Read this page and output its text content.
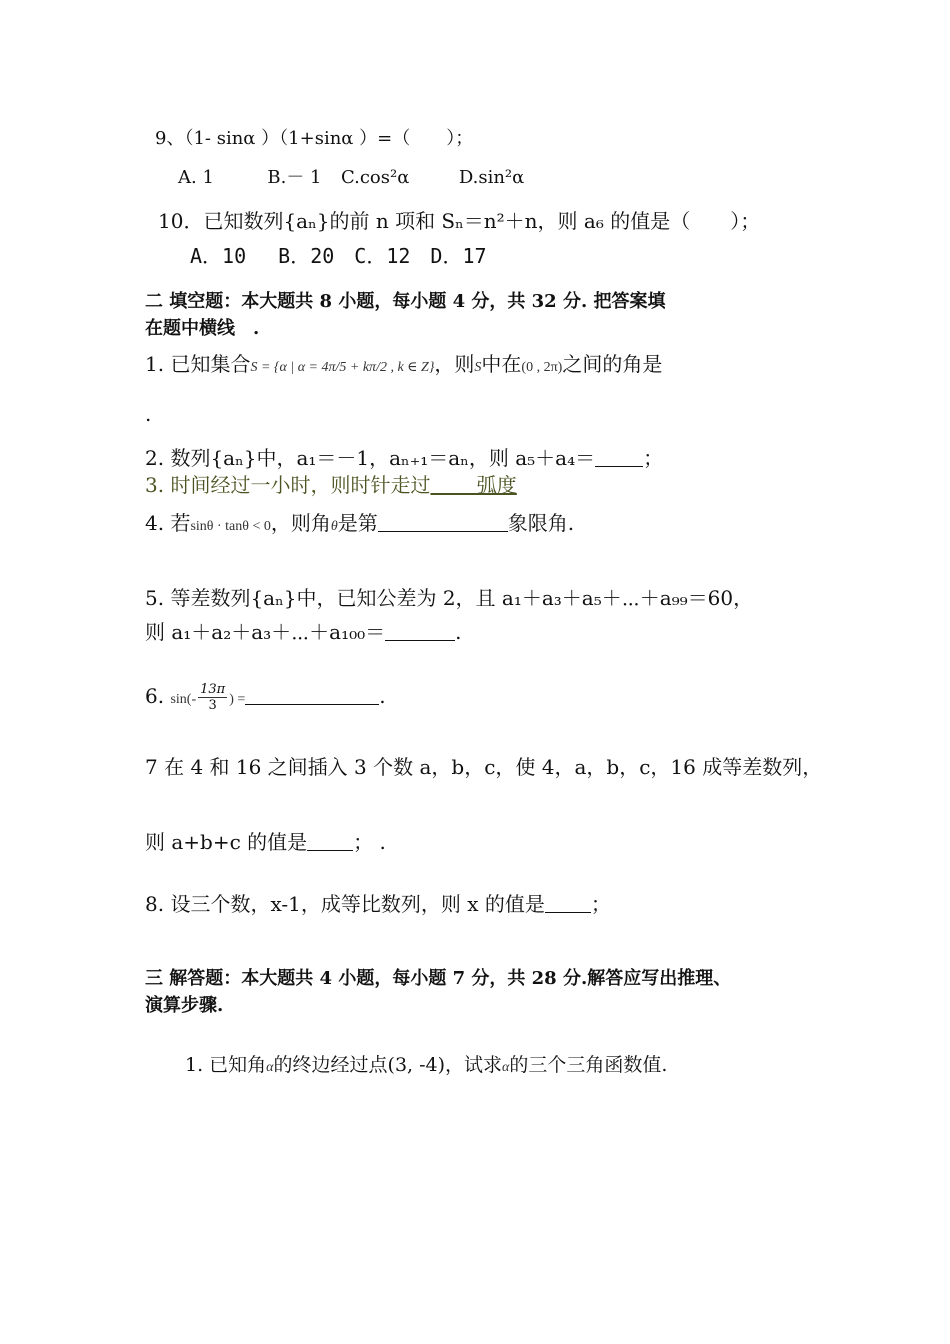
9、（1- sinα ）（1+sinα ）=（　　）；
A. 1	B.－ 1 C.cos²α	D.sin²α
10．已知数列{aₙ}的前 n 项和 Sₙ＝n²＋n，则 a₆ 的值是（　　）；
A．10　 B．20　C．12　D．17
二 填空题：本大题共 8 小题，每小题 4 分，共 32 分. 把答案填
在题中横线　.
1. 已知集合S = {α | α = 4π/5 + kπ/2 , k ∈ Z}，则S中在(0 , 2π)之间的角是
.
2. 数列{aₙ}中，a₁＝－1，aₙ₊₁＝aₙ，则 a₅＋a₄＝ ；
3. 时间经过一小时，则时针走过　　 弧度
4. 若sinθ · tanθ < 0，则角θ是第	象限角.
5. 等差数列{aₙ}中，已知公差为 2，且 a₁＋a₃＋a₅＋⋯＋a₉₉＝60，
则 a₁＋a₂＋a₃＋⋯＋a₁₀₀＝	.
6. $\sin(- \frac{13\pi}{3}$ ) =	.
7 在 4 和 16 之间插入 3 个数 a，b，c，使 4，a，b，c，16 成等差数列，
则 a+b+c 的值是 ； .
8. 设三个数，x-1，成等比数列，则 x 的值是 ；
三 解答题：本大题共 4 小题，每小题 7 分，共 28 分.解答应写出推理、
演算步骤.
1. 已知角α的终边经过点(3, -4)，试求α的三个三角函数值.
